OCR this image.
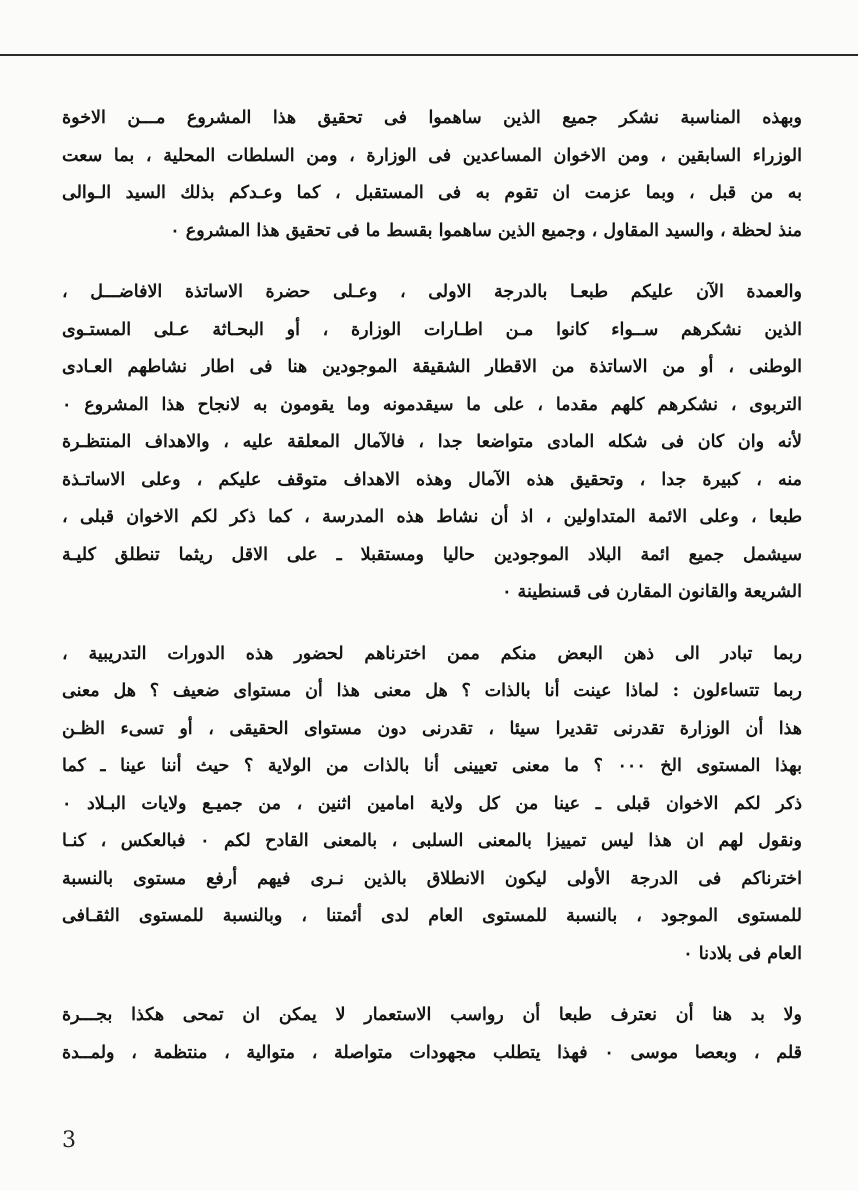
وبهذه المناسبة نشكر جميع الذين ساهموا فى تحقيق هذا المشروع مـــن الاخوة
الوزراء السابقين ، ومن الاخوان المساعدين فى الوزارة ، ومن السلطات المحلية ، بما سعت
به من قبل ، وبما عزمت ان تقوم به فى المستقبل ، كما وعـدكم بذلك السيد الـوالى
منذ لحظة ، والسيد المقاول ، وجميع الذين ساهموا بقسط ما فى تحقيق هذا المشروع ٠

والعمدة الآن عليكم طبعـا بالدرجة الاولى ، وعـلى حضرة الاساتذة الافاضـــل ،
الذين نشكرهم ســواء كانوا مـن اطـارات الوزارة ، أو البحـاثة عـلى المستـوى
الوطنى ، أو من الاساتذة من الاقطار الشقيقة الموجودين هنا فى اطار نشاطهم العـادى
التربوى ، نشكرهم كلهم مقدما ، على ما سيقدمونه وما يقومون به لانجاح هذا المشروع ٠
لأنه وان كان فى شكله المادى متواضعا جدا ، فالآمال المعلقة عليه ، والاهداف المنتظـرة
منه ، كبيرة جدا ، وتحقيق هذه الآمال وهذه الاهداف متوقف عليكم ، وعلى الاساتـذة
طبعا ، وعلى الائمة المتداولين ، اذ أن نشاط هذه المدرسة ، كما ذكر لكم الاخوان قبلى ،
سيشمل جميع ائمة البلاد الموجودين حاليا ومستقبلا ـ على الاقل ريثما تنطلق كليـة
الشريعة والقانون المقارن فى قسنطينة ٠

ربما تبادر الى ذهن البعض منكم ممن اخترناهم لحضور هذه الدورات التدريبية ،
ربما تتساءلون : لماذا عينت أنا بالذات ؟ هل معنى هذا أن مستواى ضعيف ؟ هل معنى
هذا أن الوزارة تقدرنى تقديرا سيئا ، تقدرنى دون مستواى الحقيقى ، أو تسىء الظـن
بهذا المستوى الخ ٠٠٠ ؟ ما معنى تعيينى أنا بالذات من الولاية ؟ حيث أننا عينا ـ كما
ذكر لكم الاخوان قبلى ـ عينا من كل ولاية امامين اثنين ، من جميـع ولايات البـلاد ٠
ونقول لهم ان هذا ليس تمييزا بالمعنى السلبى ، بالمعنى القادح لكم ٠ فبالعكس ، كنـا
اخترناكم فى الدرجة الأولى ليكون الانطلاق بالذين نـرى فيهم أرفع مستوى بالنسبة
للمستوى الموجود ، بالنسبة للمستوى العام لدى أئمتنا ، وبالنسبة للمستوى الثقـافى
العام فى بلادنا ٠

ولا بد هنا أن نعترف طبعا أن رواسب الاستعمار لا يمكن ان تمحى هكذا بجـــرة
قلم ، وبعصا موسى ٠ فهذا يتطلب مجهودات متواصلة ، متوالية ، منتظمة ، ولمــدة

3
